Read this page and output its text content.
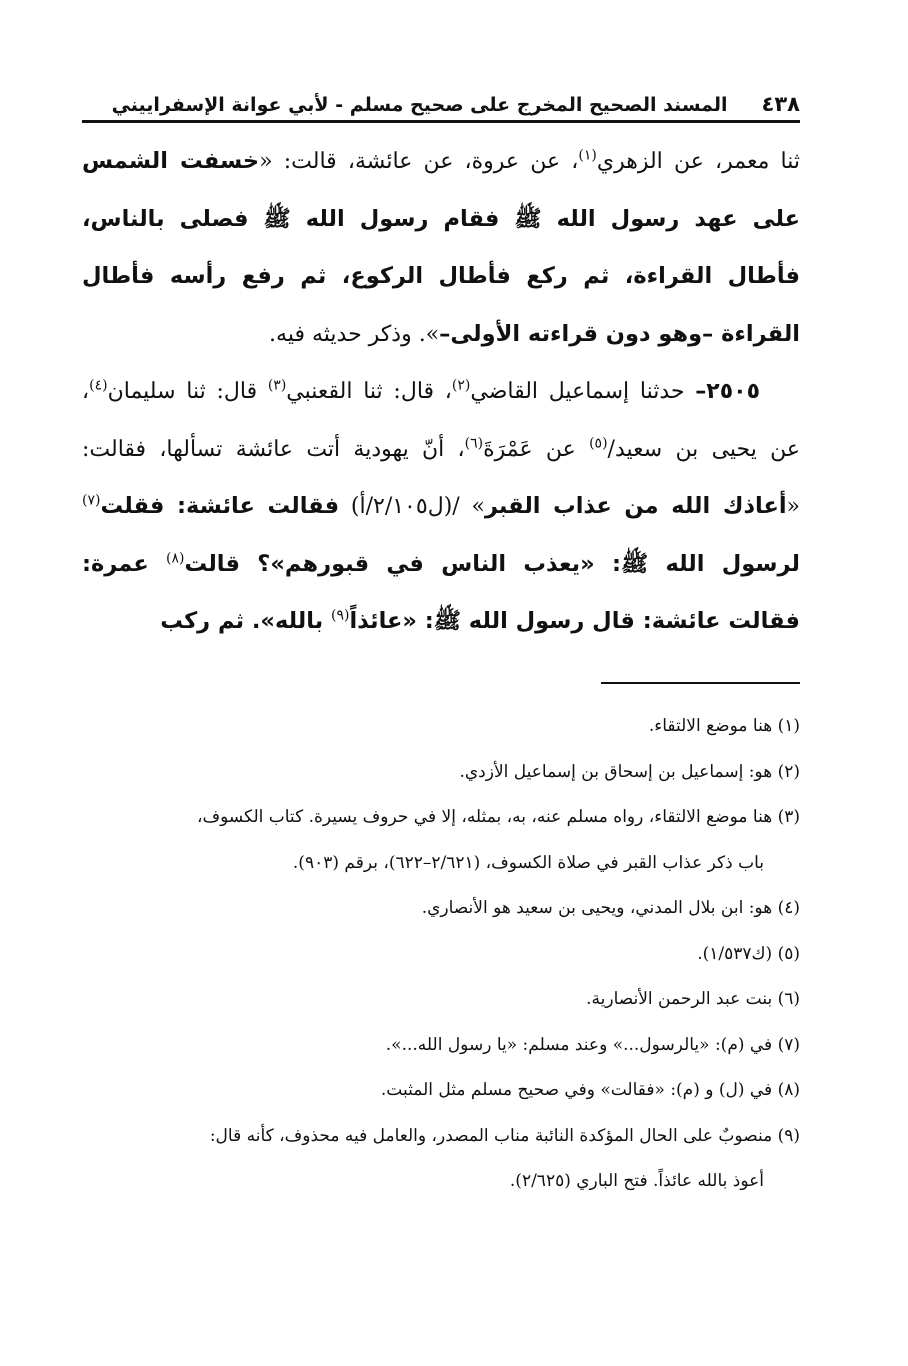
٤٣٨
المسند الصحيح المخرج على صحيح مسلم - لأبي عوانة الإسفراييني

ثنا معمر، عن الزهري$^{(١)}$، عن عروة، عن عائشة، قالت: «خسفت الشمس على عهد رسول الله ﷺ فقام رسول الله ﷺ فصلى بالناس، فأطال القراءة، ثم ركع فأطال الركوع، ثم رفع رأسه فأطال القراءة –وهو دون قراءته الأولى–». وذكر حديثه فيه.

٢٥٠٥– حدثنا إسماعيل القاضي$^{(٢)}$، قال: ثنا القعنبي$^{(٣)}$ قال: ثنا سليمان$^{(٤)}$، عن يحيى بن سعيد/$^{(٥)}$ عن عَمْرَةَ$^{(٦)}$، أنّ يهودية أتت عائشة تسألها، فقالت: «أعاذك الله من عذاب القبر» /(ل٢/١٠٥/أ) فقالت عائشة: فقلت$^{(٧)}$ لرسول الله ﷺ: «يعذب الناس في قبورهم»؟ قالت$^{(٨)}$ عمرة: فقالت عائشة: قال رسول الله ﷺ: «عائذاً$^{(٩)}$ بالله». ثم ركب

(١) هنا موضع الالتقاء.

(٢) هو: إسماعيل بن إسحاق بن إسماعيل الأزدي.

(٣) هنا موضع الالتقاء، رواه مسلم عنه، به، بمثله، إلا في حروف يسيرة. كتاب الكسوف،

باب ذكر عذاب القبر في صلاة الكسوف، (٢/٦٢١–٦٢٢)، برقم (٩٠٣).

(٤) هو: ابن بلال المدني، ويحيى بن سعيد هو الأنصاري.

(٥) (ك١/٥٣٧).

(٦) بنت عبد الرحمن الأنصارية.

(٧) في (م): «يالرسول...» وعند مسلم: «يا رسول الله...».

(٨) في (ل) و (م): «فقالت» وفي صحيح مسلم مثل المثبت.

(٩) منصوبٌ على الحال المؤكدة النائبة مناب المصدر، والعامل فيه محذوف، كأنه قال:

أعوذ بالله عائذاً. فتح الباري (٢/٦٢٥).
